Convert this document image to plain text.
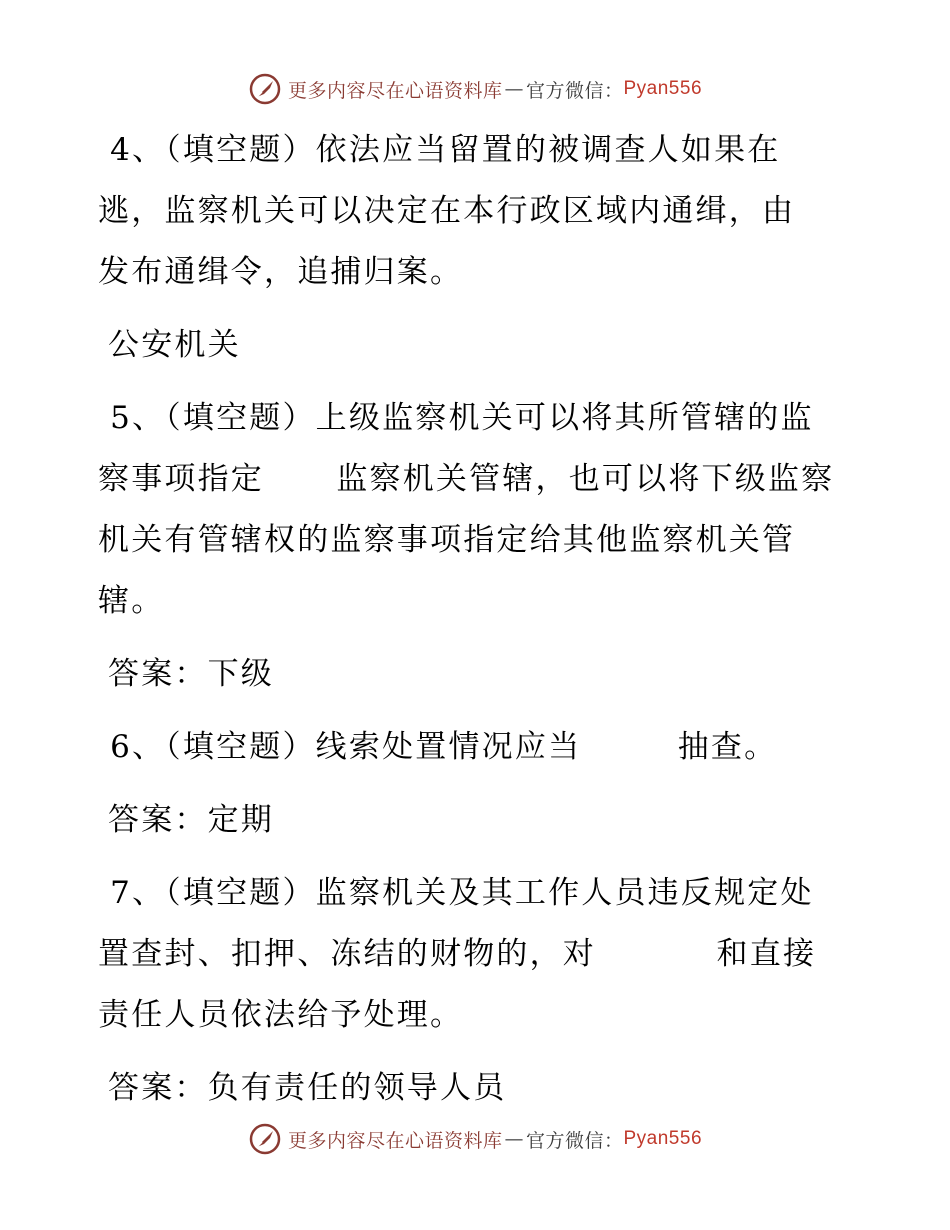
更多内容尽在心语资料库 — 官方微信： Pyan556

4、（填空题）依法应当留置的被调查人如果在

逃，监察机关可以决定在本行政区域内通缉，由

发布通缉令，追捕归案。

公安机关

5、（填空题）上级监察机关可以将其所管辖的监

察事项指定      监察机关管辖，也可以将下级监察

机关有管辖权的监察事项指定给其他监察机关管

辖。

答案：下级

6、（填空题）线索处置情况应当        抽查。

答案：定期

7、（填空题）监察机关及其工作人员违反规定处

置查封、扣押、冻结的财物的，对          和直接

责任人员依法给予处理。

答案：负有责任的领导人员

更多内容尽在心语资料库 — 官方微信： Pyan556
